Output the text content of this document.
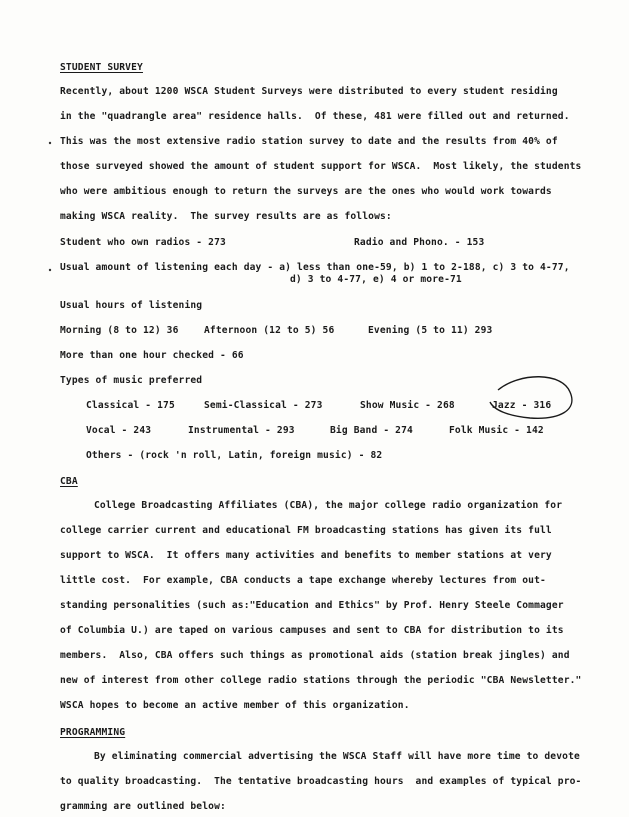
STUDENT SURVEY
Recently, about 1200 WSCA Student Surveys were distributed to every student residing
in the "quadrangle area" residence halls.  Of these, 481 were filled out and returned.
This was the most extensive radio station survey to date and the results from 40% of
those surveyed showed the amount of student support for WSCA.  Most likely, the students
who were ambitious enough to return the surveys are the ones who would work towards
making WSCA reality.  The survey results are as follows:
Student who own radios - 273	Radio and Phono. - 153
Usual amount of listening each day - a) less than one-59, b) 1 to 2-188, c) 3 to 4-77,
d) 3 to 4-77, e) 4 or more-71
Usual hours of listening
Morning (8 to 12) 36	Afternoon (12 to 5) 56	Evening (5 to 11) 293
More than one hour checked - 66
Types of music preferred
Classical - 175	Semi-Classical - 273	Show Music - 268	Jazz - 316
Vocal - 243	Instrumental - 293	Big Band - 274	Folk Music - 142
Others - (rock 'n roll, Latin, foreign music) - 82
CBA
College Broadcasting Affiliates (CBA), the major college radio organization for
college carrier current and educational FM broadcasting stations has given its full
support to WSCA.  It offers many activities and benefits to member stations at very
little cost.  For example, CBA conducts a tape exchange whereby lectures from out-
standing personalities (such as:"Education and Ethics" by Prof. Henry Steele Commager
of Columbia U.) are taped on various campuses and sent to CBA for distribution to its
members.  Also, CBA offers such things as promotional aids (station break jingles) and
new of interest from other college radio stations through the periodic "CBA Newsletter."
WSCA hopes to become an active member of this organization.
PROGRAMMING
By eliminating commercial advertising the WSCA Staff will have more time to devote
to quality broadcasting.  The tentative broadcasting hours  and examples of typical pro-
gramming are outlined below:
